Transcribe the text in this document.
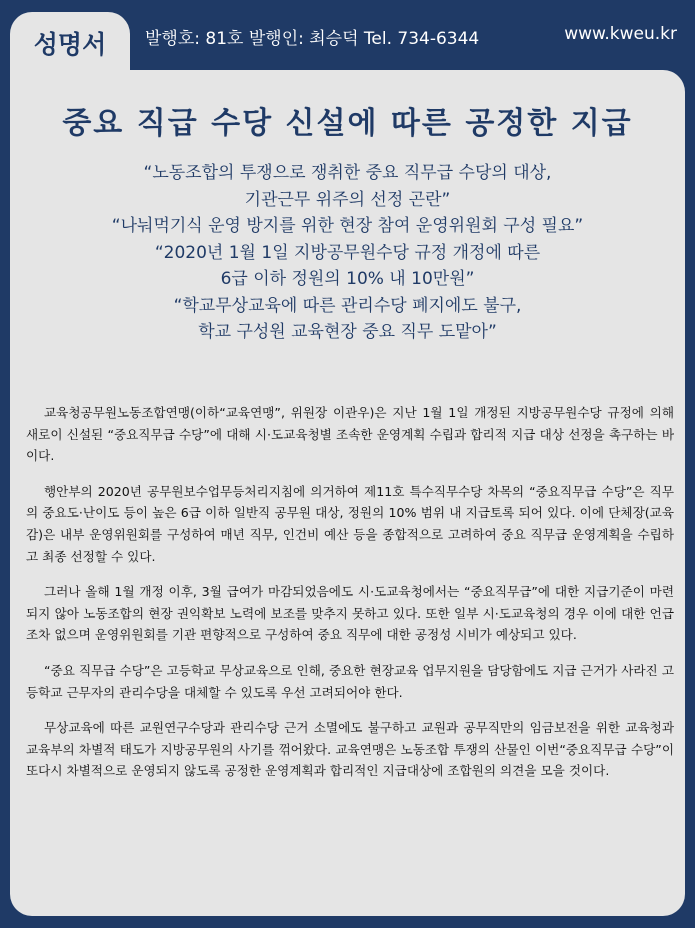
성명서	발행호: 81호 발행인: 최승덕 Tel. 734-6344	www.kweu.kr
중요 직급 수당 신설에 따른 공정한 지급
“노동조합의 투쟁으로 쟁취한 중요 직무급 수당의 대상,
기관근무 위주의 선정 곤란”
“나눠먹기식 운영 방지를 위한 현장 참여 운영위원회 구성 필요”
“2020년 1월 1일 지방공무원수당 규정 개정에 따른
6급 이하 정원의 10% 내 10만원”
“학교무상교육에 따른 관리수당 폐지에도 불구,
학교 구성원 교육현장 중요 직무 도맡아”

교육청공무원노동조합연맹(이하“교육연맹”, 위원장 이관우)은 지난 1월 1일 개정된 지방공무원수당 규정에 의해 새로이 신설된 “중요직무급 수당”에 대해 시·도교육청별 조속한 운영계획 수립과 합리적 지급 대상 선정을 촉구하는 바이다.

행안부의 2020년 공무원보수업무등처리지침에 의거하여 제11호 특수직무수당 차목의 “중요직무급 수당”은 직무의 중요도·난이도 등이 높은 6급 이하 일반직 공무원 대상, 정원의 10% 범위 내 지급토록 되어 있다. 이에 단체장(교육감)은 내부 운영위원회를 구성하여 매년 직무, 인건비 예산 등을 종합적으로 고려하여 중요 직무급 운영계획을 수립하고 최종 선정할 수 있다.

그러나 올해 1월 개정 이후, 3월 급여가 마감되었음에도 시·도교육청에서는 “중요직무급”에 대한 지급기준이 마련되지 않아 노동조합의 현장 권익확보 노력에 보조를 맞추지 못하고 있다. 또한 일부 시·도교육청의 경우 이에 대한 언급조차 없으며 운영위원회를 기관 편향적으로 구성하여 중요 직무에 대한 공정성 시비가 예상되고 있다.

“중요 직무급 수당”은 고등학교 무상교육으로 인해, 중요한 현장교육 업무지원을 담당함에도 지급 근거가 사라진 고등학교 근무자의 관리수당을 대체할 수 있도록 우선 고려되어야 한다.

무상교육에 따른 교원연구수당과 관리수당 근거 소멸에도 불구하고 교원과 공무직만의 임금보전을 위한 교육청과 교육부의 차별적 태도가 지방공무원의 사기를 꺾어왔다. 교육연맹은 노동조합 투쟁의 산물인 이번“중요직무급 수당”이 또다시 차별적으로 운영되지 않도록 공정한 운영계획과 합리적인 지급대상에 조합원의 의견을 모을 것이다.
